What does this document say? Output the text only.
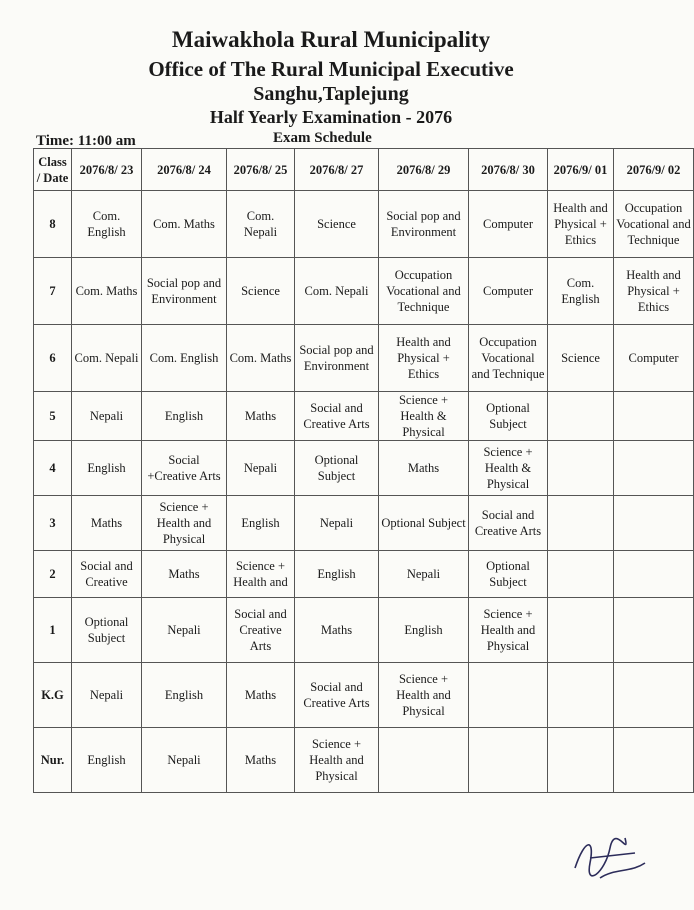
Maiwakhola Rural Municipality
Office of The Rural Municipal Executive
Sanghu,Taplejung
Half Yearly Examination - 2076
Time: 11:00 am	Exam Schedule
Class / Date	2076/8/ 23	2076/8/ 24	2076/8/ 25	2076/8/ 27	2076/8/ 29	2076/8/ 30	2076/9/ 01	2076/9/ 02
8	Com. English	Com. Maths	Com. Nepali	Science	Social pop and Environment	Computer	Health and Physical + Ethics	Occupation Vocational and Technique
7	Com. Maths	Social pop and Environment	Science	Com. Nepali	Occupation Vocational and Technique	Computer	Com. English	Health and Physical + Ethics
6	Com. Nepali	Com. English	Com. Maths	Social pop and Environment	Health and Physical + Ethics	Occupation Vocational and Technique	Science	Computer
5	Nepali	English	Maths	Social and Creative Arts	Science + Health & Physical	Optional Subject		
4	English	Social +Creative Arts	Nepali	Optional Subject	Maths	Science + Health & Physical		
3	Maths	Science + Health and Physical	English	Nepali	Optional Subject	Social and Creative Arts		
2	Social and Creative	Maths	Science + Health and	English	Nepali	Optional Subject		
1	Optional Subject	Nepali	Social and Creative Arts	Maths	English	Science + Health and Physical		
K.G	Nepali	English	Maths	Social and Creative Arts	Science + Health and Physical			
Nur.	English	Nepali	Maths	Science + Health and Physical				
